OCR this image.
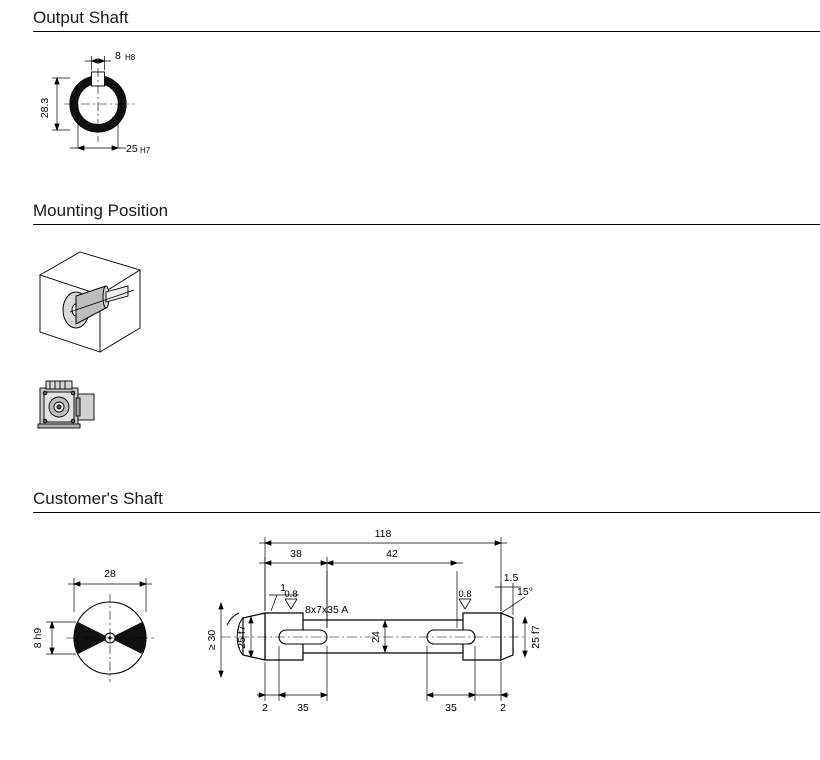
Output Shaft
8 H8
28.3
25 H7
Mounting Position
Customer's Shaft
28
8 h9
118
38	42
1
0.8
8x7x35 A
0.8
1.5
15°
≥ 30 25 f7	24	25 f7
2	35	35	2
